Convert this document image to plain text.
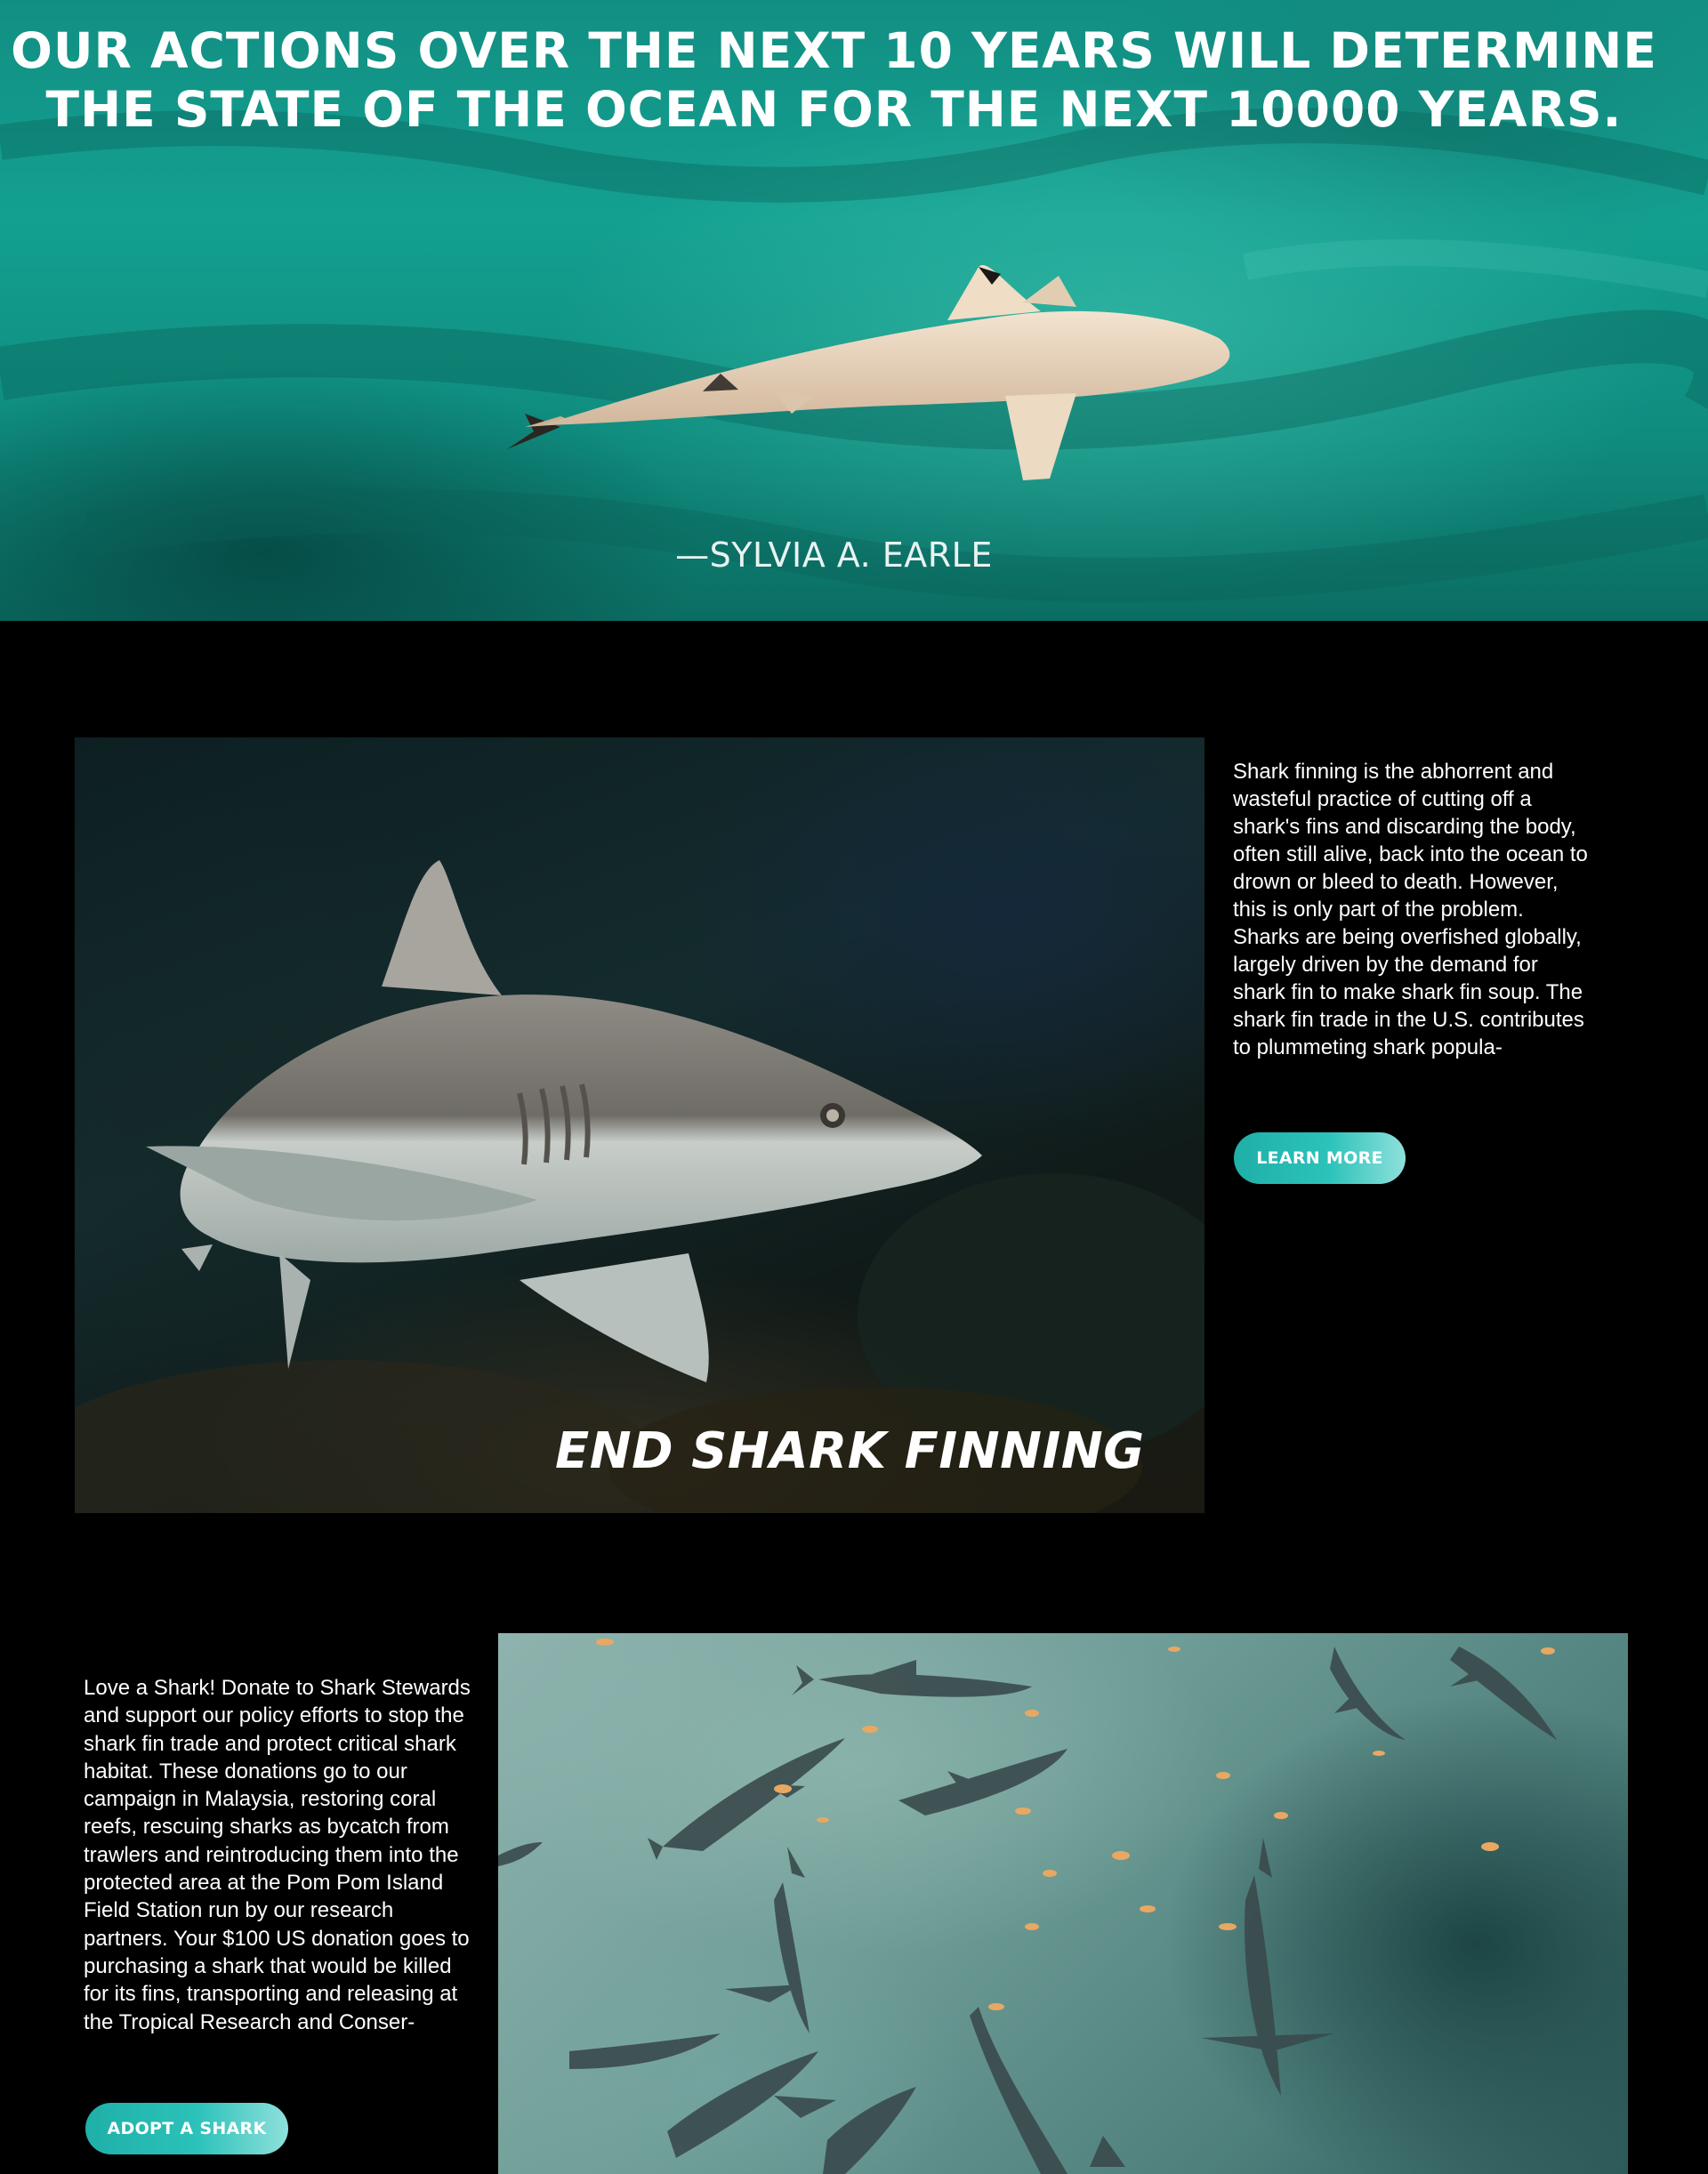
OUR ACTIONS OVER THE NEXT 10 YEARS WILL DETERMINE THE STATE OF THE OCEAN FOR THE NEXT 10000 YEARS.
—SYLVIA A. EARLE
END SHARK FINNING

Shark finning is the abhorrent and wasteful practice of cutting off a shark's fins and discarding the body, often still alive, back into the ocean to drown or bleed to death. However, this is only part of the problem. Sharks are being overfished globally, largely driven by the demand for shark fin to make shark fin soup. The shark fin trade in the U.S. contributes to plummeting shark popula-

LEARN MORE

Love a Shark! Donate to Shark Stewards and support our policy efforts to stop the shark fin trade and protect critical shark habitat. These donations go to our campaign in Malaysia, restoring coral reefs, rescuing sharks as bycatch from trawlers and reintroducing them into the protected area at the Pom Pom Island Field Station run by our research partners. Your $100 US donation goes to purchasing a shark that would be killed for its fins, transporting and releasing at the Tropical Research and Conser-

ADOPT A SHARK
